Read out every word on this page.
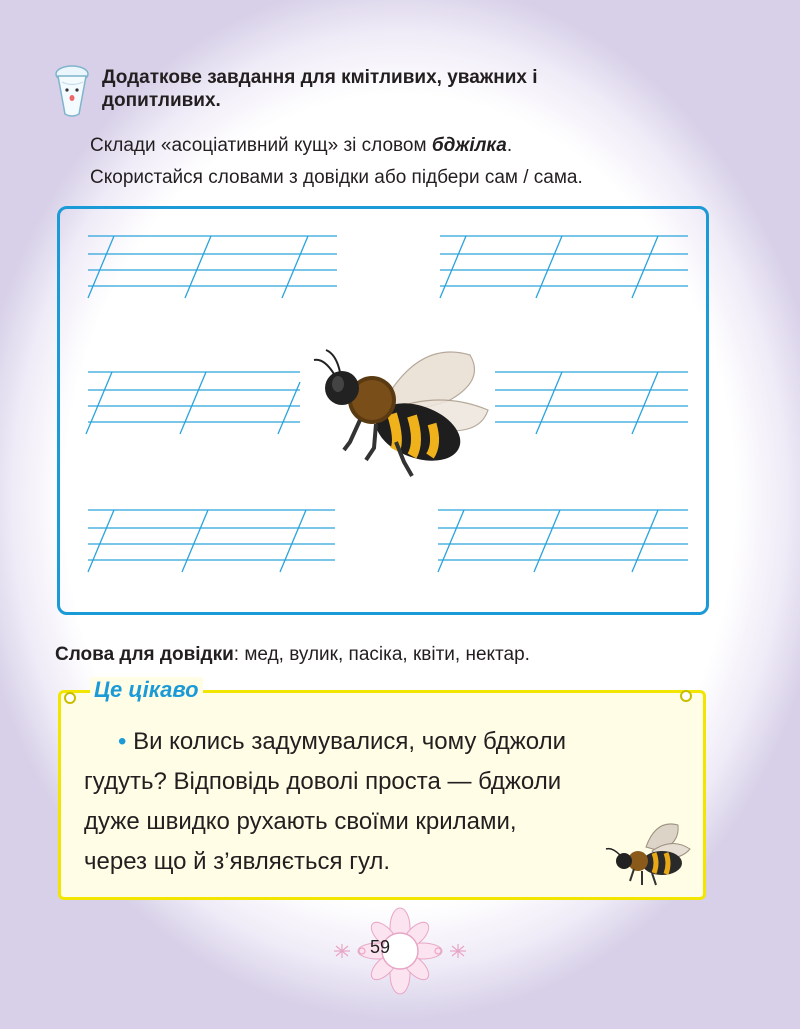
Додаткове завдання для кмітливих, уважних і
допитливих.
Склади «асоціативний кущ» зі словом бджілка.
Скористайся словами з довідки або підбери сам / сама.
Слова для довідки: мед, вулик, пасіка, квіти, нектар.
Це цікаво
• Ви колись задумувалися, чому бджоли
гудуть? Відповідь доволі проста — бджоли
дуже швидко рухають своїми крилами,
через що й з’являється гул.
59
